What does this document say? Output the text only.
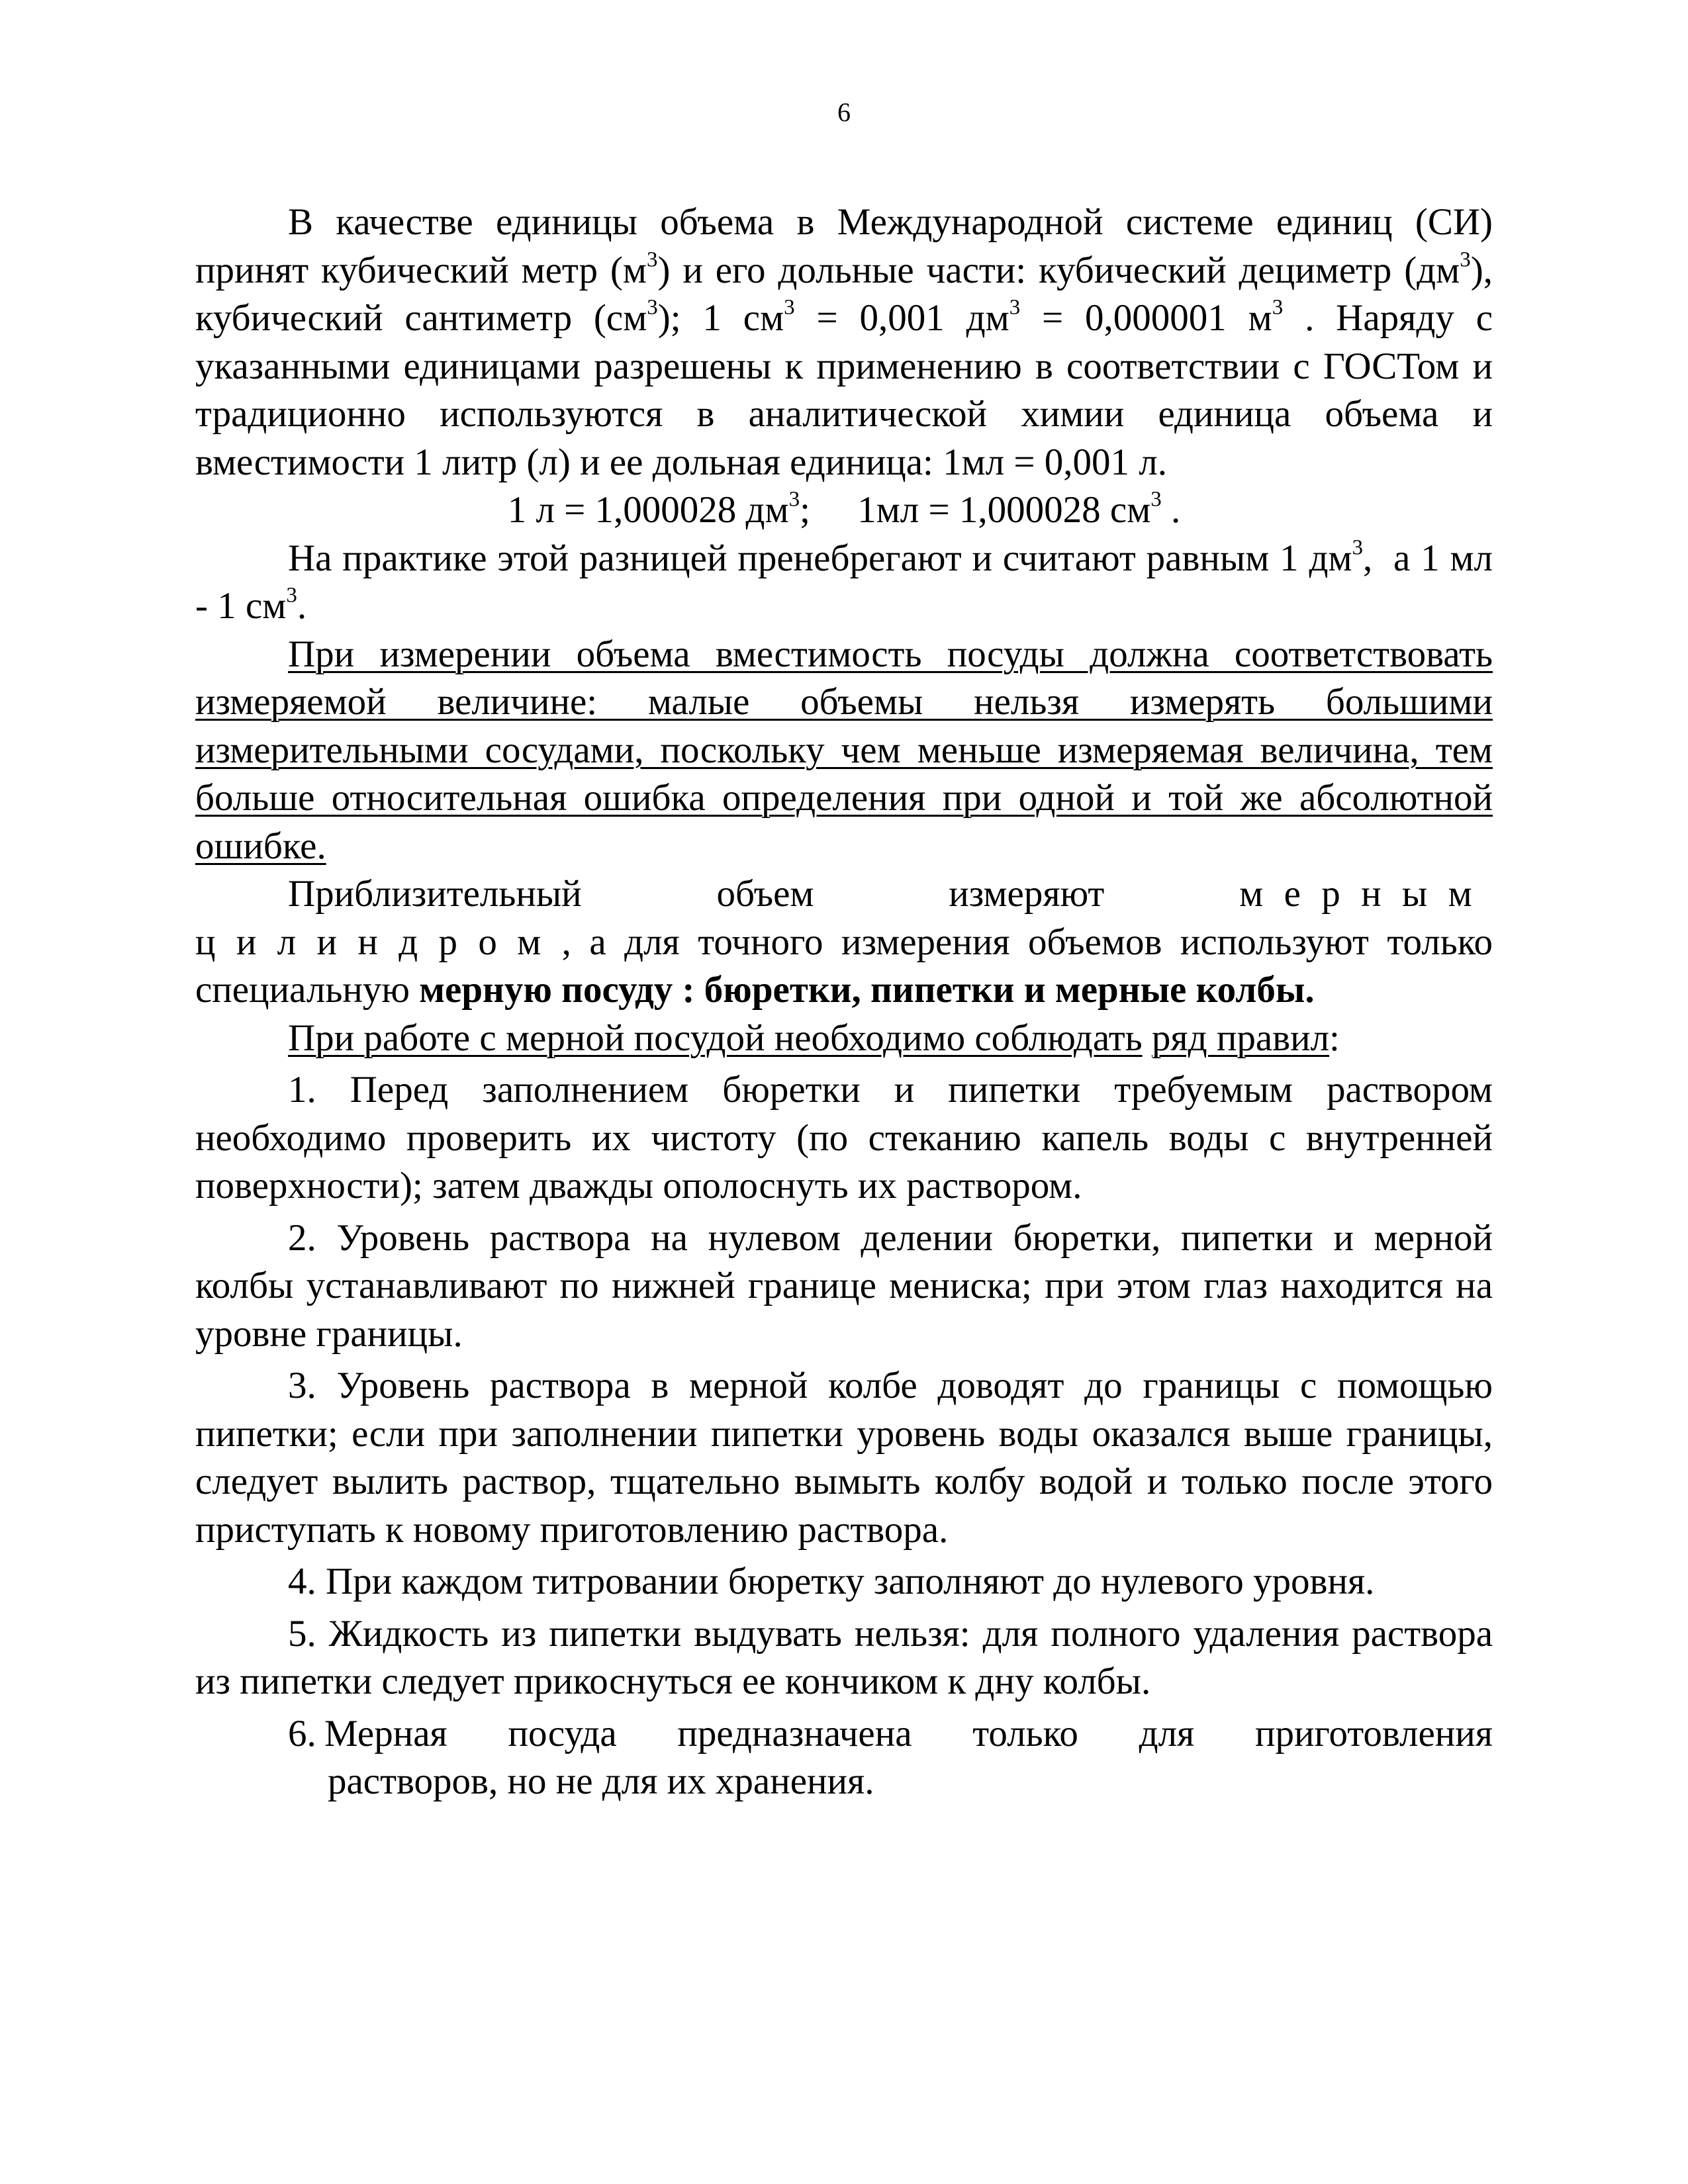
6

В качестве единицы объема в Международной системе единиц (СИ) принят кубический метр $(м^3)$ и его дольные части: кубический дециметр $(дм^3)$, кубический сантиметр $(см^3)$; 1 $см^3 = 0,001$ $дм^3 = 0,000001$ $м^3$ . Наряду с указанными единицами разрешены к применению в соответствии с ГОСТом и традиционно используются в аналитической химии единица объема и вместимости 1 литр (л) и ее дольная единица: 1мл = 0,001 л.

1 л = 1,000028 $дм^3$;     1мл = 1,000028 $см^3$ .

На практике этой разницей пренебрегают и считают равным 1 $дм^3$,  а 1 мл  - 1 $см^3$.

При измерении объема вместимость посуды должна соответствовать измеряемой величине: малые объемы нельзя измерять большими измерительными сосудами, поскольку чем меньше измеряемая величина, тем больше относительная ошибка определения при одной и той же абсолютной ошибке.

Приблизительный объем измеряют мерным цилиндром, а для точного измерения объемов используют только специальную мерную посуду : бюретки, пипетки и мерные колбы.

При работе с мерной посудой необходимо соблюдать ряд правил:

1. Перед заполнением бюретки и пипетки требуемым раствором необходимо проверить их чистоту (по стеканию капель воды с внутренней поверхности); затем дважды ополоснуть их раствором.

2. Уровень раствора на нулевом делении бюретки, пипетки и мерной колбы устанавливают по нижней границе мениска; при этом глаз находится на уровне границы.

3. Уровень раствора в мерной колбе доводят до границы с помощью пипетки; если при заполнении пипетки уровень воды оказался выше границы, следует вылить раствор, тщательно вымыть колбу водой и только после этого приступать к новому приготовлению раствора.

4. При каждом титровании бюретку заполняют до нулевого уровня.

5. Жидкость из пипетки выдувать нельзя: для полного удаления раствора из пипетки следует прикоснуться ее кончиком к дну колбы.

6. Мерная посуда предназначена только для приготовления

растворов, но не для их хранения.
